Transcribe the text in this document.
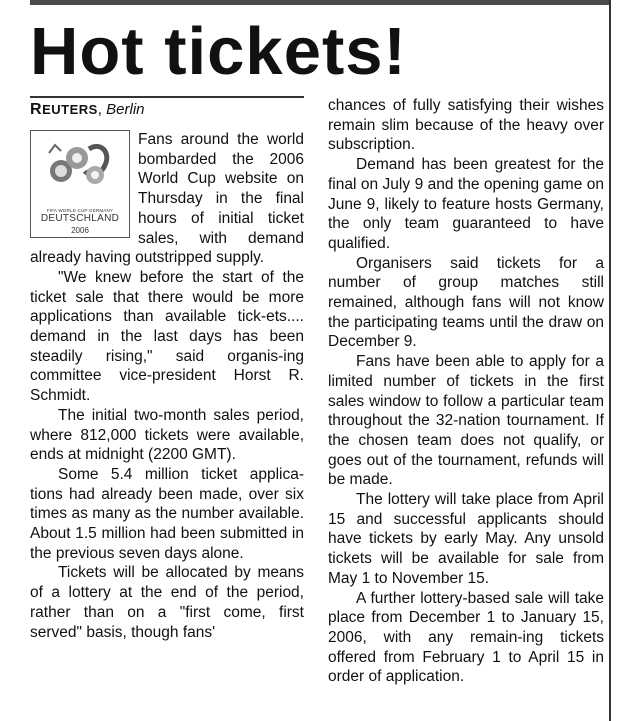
Hot tickets!
REUTERS, Berlin
FIFA WORLD CUP GERMANY
DEUTSCHLAND
2006

Fans around the world bombarded the 2006 World Cup website on Thursday in the final hours of initial ticket sales, with demand already having outstripped supply.

"We knew before the start of the ticket sale that there would be more applications than available tick-ets.... demand in the last days has been steadily rising," said organis-ing committee vice-president Horst R. Schmidt.

The initial two-month sales period, where 812,000 tickets were available, ends at midnight (2200 GMT).

Some 5.4 million ticket applica-tions had already been made, over six times as many as the number available. About 1.5 million had been submitted in the previous seven days alone.

Tickets will be allocated by means of a lottery at the end of the period, rather than on a "first come, first served" basis, though fans'

chances of fully satisfying their wishes remain slim because of the heavy over subscription.

Demand has been greatest for the final on July 9 and the opening game on June 9, likely to feature hosts Germany, the only team guaranteed to have qualified.

Organisers said tickets for a number of group matches still remained, although fans will not know the participating teams until the draw on December 9.

Fans have been able to apply for a limited number of tickets in the first sales window to follow a particular team throughout the 32-nation tournament. If the chosen team does not qualify, or goes out of the tournament, refunds will be made.

The lottery will take place from April 15 and successful applicants should have tickets by early May. Any unsold tickets will be available for sale from May 1 to November 15.

A further lottery-based sale will take place from December 1 to January 15, 2006, with any remain-ing tickets offered from February 1 to April 15 in order of application.
